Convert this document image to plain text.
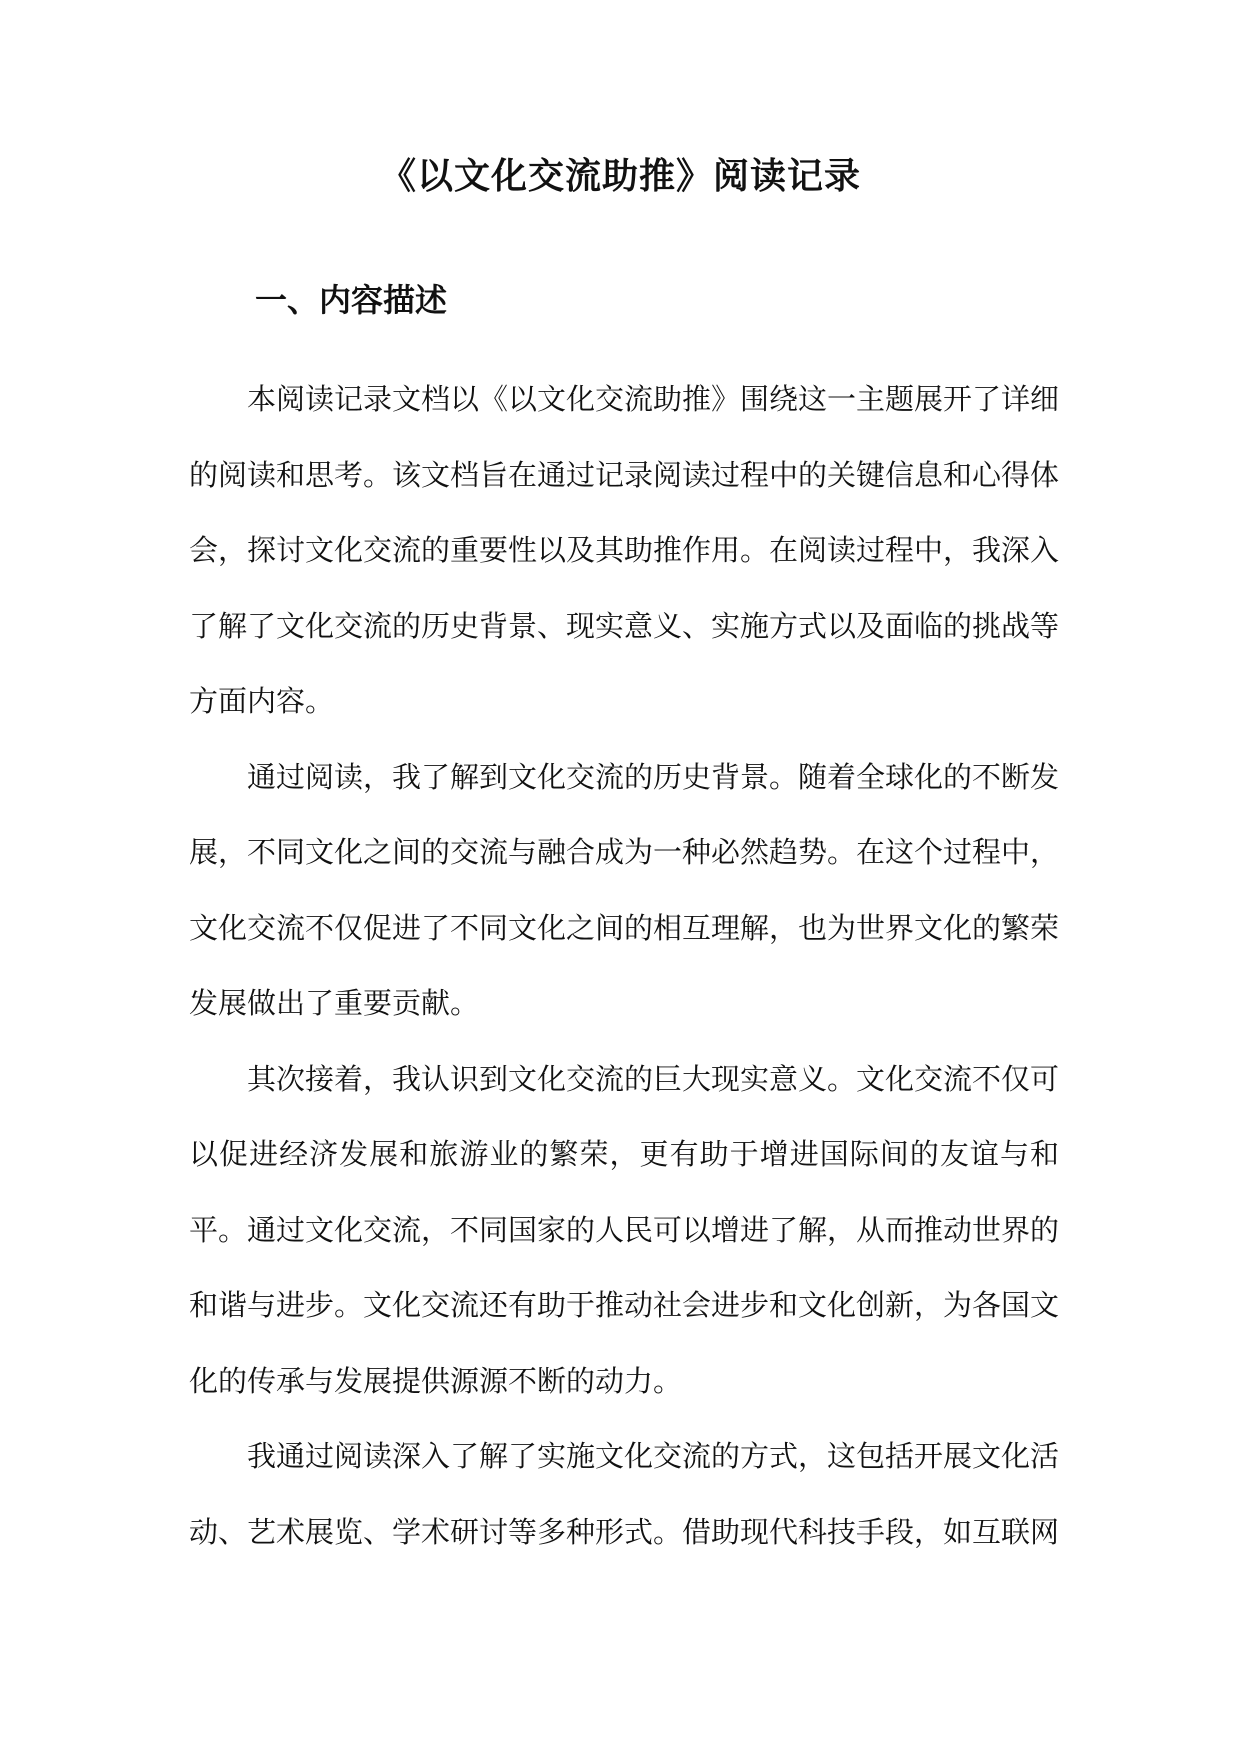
《以文化交流助推》阅读记录
一、内容描述

本阅读记录文档以《以文化交流助推》围绕这一主题展开了详细的阅读和思考。该文档旨在通过记录阅读过程中的关键信息和心得体会，探讨文化交流的重要性以及其助推作用。在阅读过程中，我深入了解了文化交流的历史背景、现实意义、实施方式以及面临的挑战等方面内容。

通过阅读，我了解到文化交流的历史背景。随着全球化的不断发展，不同文化之间的交流与融合成为一种必然趋势。在这个过程中，文化交流不仅促进了不同文化之间的相互理解，也为世界文化的繁荣发展做出了重要贡献。

其次接着，我认识到文化交流的巨大现实意义。文化交流不仅可以促进经济发展和旅游业的繁荣，更有助于增进国际间的友谊与和平。通过文化交流，不同国家的人民可以增进了解，从而推动世界的和谐与进步。文化交流还有助于推动社会进步和文化创新，为各国文化的传承与发展提供源源不断的动力。

我通过阅读深入了解了实施文化交流的方式，这包括开展文化活动、艺术展览、学术研讨等多种形式。借助现代科技手段，如互联网
